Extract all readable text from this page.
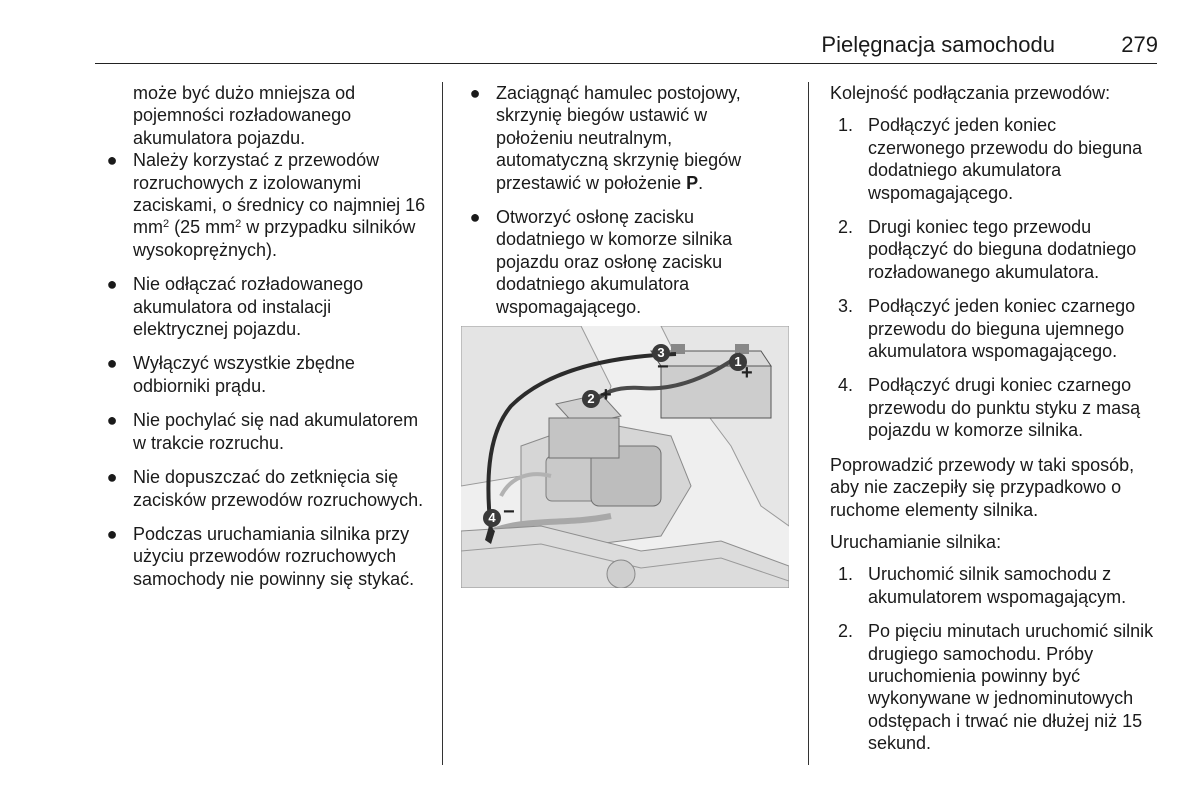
Pielęgnacja samochodu	279

może być dużo mniejsza od pojemności rozładowanego akumulatora pojazdu.

● Należy korzystać z przewodów rozruchowych z izolowanymi zaciskami, o średnicy co najmniej 16 $mm^2$ (25 $mm^2$ w przypadku silników wysokoprężnych).
● Nie odłączać rozładowanego akumulatora od instalacji elektrycznej pojazdu.
● Wyłączyć wszystkie zbędne odbiorniki prądu.
● Nie pochylać się nad akumulatorem w trakcie rozruchu.
● Nie dopuszczać do zetknięcia się zacisków przewodów rozruchowych.
● Podczas uruchamiania silnika przy użyciu przewodów rozruchowych samochody nie powinny się stykać.
● Zaciągnąć hamulec postojowy, skrzynię biegów ustawić w położeniu neutralnym, automatyczną skrzynię biegów przestawić w położenie P.
● Otworzyć osłonę zacisku dodatniego w komorze silnika pojazdu oraz osłonę zacisku dodatniego akumulatora wspomagającego.
1
+
3
−
2 +
4 −

Kolejność podłączania przewodów:

1. Podłączyć jeden koniec czerwonego przewodu do bieguna dodatniego akumulatora wspomagającego.
2. Drugi koniec tego przewodu podłączyć do bieguna dodatniego rozładowanego akumulatora.
3. Podłączyć jeden koniec czarnego przewodu do bieguna ujemnego akumulatora wspomagającego.
4. Podłączyć drugi koniec czarnego przewodu do punktu styku z masą pojazdu w komorze silnika.

Poprowadzić przewody w taki sposób, aby nie zaczepiły się przypadkowo o ruchome elementy silnika.

Uruchamianie silnika:

1. Uruchomić silnik samochodu z akumulatorem wspomagającym.
2. Po pięciu minutach uruchomić silnik drugiego samochodu. Próby uruchomienia powinny być wykonywane w jednominutowych odstępach i trwać nie dłużej niż 15 sekund.
